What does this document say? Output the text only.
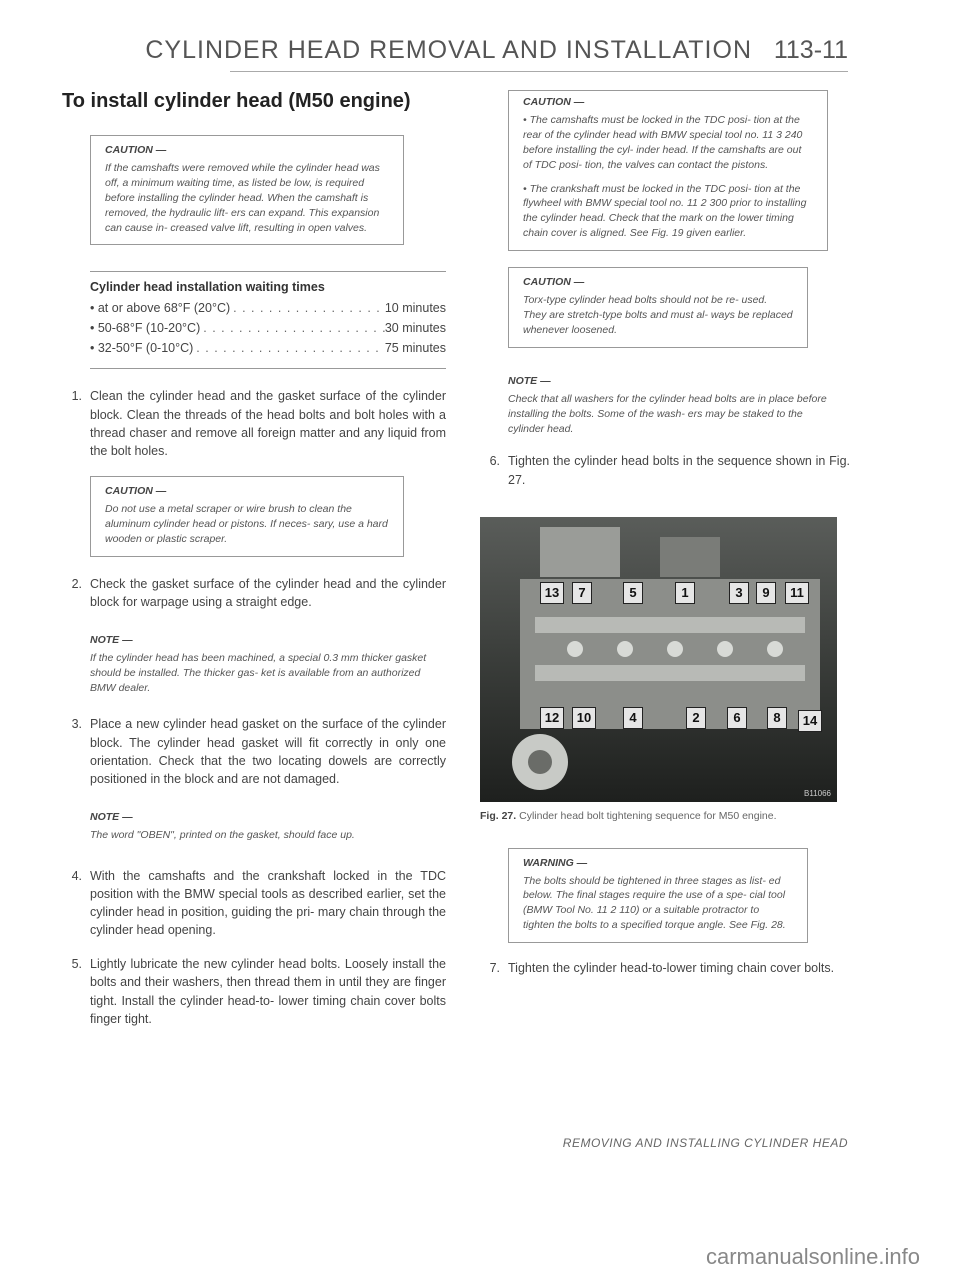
CYLINDER HEAD REMOVAL AND INSTALLATION 113-11
To install cylinder head (M50 engine)
CAUTION —

If the camshafts were removed while the cylinder head was off, a minimum waiting time, as listed be low, is required before installing the cylinder head. When the camshaft is removed, the hydraulic lift- ers can expand. This expansion can cause in- creased valve lift, resulting in open valves.

Cylinder head installation waiting times
• at or above 68°F (20°C) . . .	10 minutes
• 50-68°F (10-20°C) . . .	30 minutes
• 32-50°F (0-10°C) . . .	75 minutes
1. Clean the cylinder head and the gasket surface of the cylinder block. Clean the threads of the head bolts and bolt holes with a thread chaser and remove all foreign matter and any liquid from the bolt holes.
CAUTION —

Do not use a metal scraper or wire brush to clean the aluminum cylinder head or pistons. If neces- sary, use a hard wooden or plastic scraper.

2. Check the gasket surface of the cylinder head and the cylinder block for warpage using a straight edge.
NOTE —
If the cylinder head has been machined, a special 0.3 mm thicker gasket should be installed. The thicker gas- ket is available from an authorized BMW dealer.
3. Place a new cylinder head gasket on the surface of the cylinder block. The cylinder head gasket will fit correctly in only one orientation. Check that the two locating dowels are correctly positioned in the block and are not damaged.
NOTE —
The word "OBEN", printed on the gasket, should face up.
4. With the camshafts and the crankshaft locked in the TDC position with the BMW special tools as described earlier, set the cylinder head in position, guiding the pri- mary chain through the cylinder head opening.
5. Lightly lubricate the new cylinder head bolts. Loosely install the bolts and their washers, then thread them in until they are finger tight. Install the cylinder head-to- lower timing chain cover bolts finger tight.
CAUTION —

• The camshafts must be locked in the TDC posi- tion at the rear of the cylinder head with BMW special tool no. 11 3 240 before installing the cyl- inder head. If the camshafts are out of TDC posi- tion, the valves can contact the pistons.

• The crankshaft must be locked in the TDC posi- tion at the flywheel with BMW special tool no. 11 2 300 prior to installing the cylinder head. Check that the mark on the lower timing chain cover is aligned. See Fig. 19 given earlier.

CAUTION —

Torx-type cylinder head bolts should not be re- used. They are stretch-type bolts and must al- ways be replaced whenever loosened.

NOTE —
Check that all washers for the cylinder head bolts are in place before installing the bolts. Some of the wash- ers may be staked to the cylinder head.
6. Tighten the cylinder head bolts in the sequence shown in Fig. 27.
13	7	5	1	3	9	11
12	10	4	2	6	8	14
B11066
Fig. 27. Cylinder head bolt tightening sequence for M50 engine.
WARNING —

The bolts should be tightened in three stages as list- ed below. The final stages require the use of a spe- cial tool (BMW Tool No. 11 2 110) or a suitable protractor to tighten the bolts to a specified torque angle. See Fig. 28.

7. Tighten the cylinder head-to-lower timing chain cover bolts.
REMOVING AND INSTALLING CYLINDER HEAD
carmanualsonline.info
